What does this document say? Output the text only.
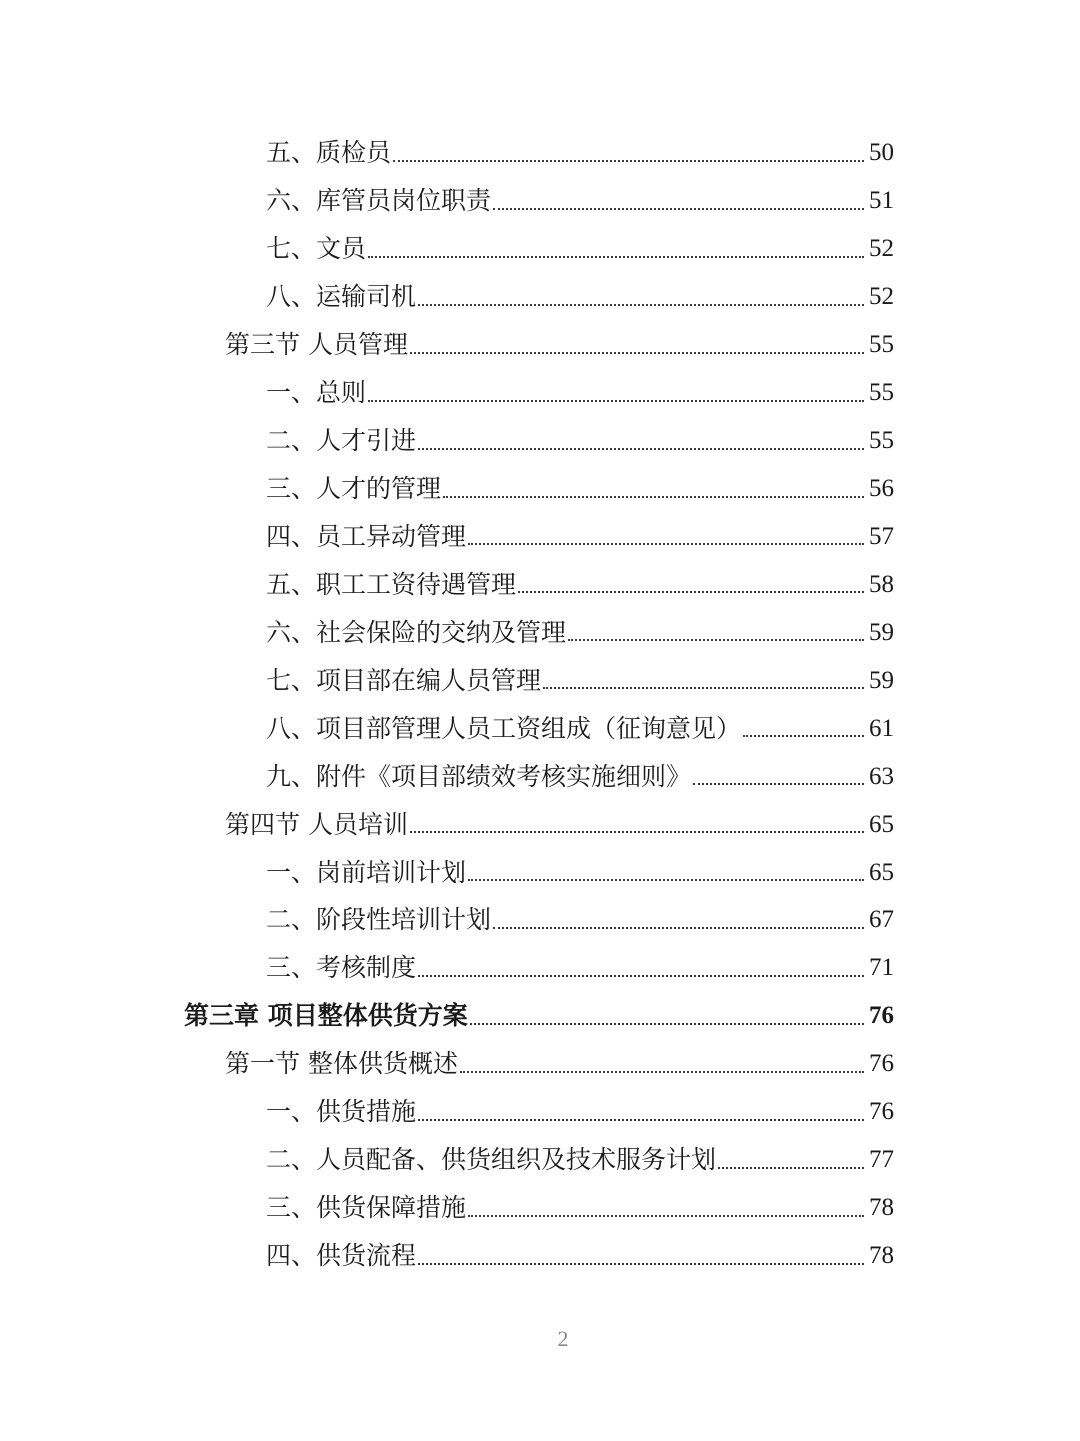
五、质检员	50
六、库管员岗位职责	51
七、文员	52
八、运输司机	52
第三节 人员管理	55
一、总则	55
二、人才引进	55
三、人才的管理	56
四、员工异动管理	57
五、职工工资待遇管理	58
六、社会保险的交纳及管理	59
七、项目部在编人员管理	59
八、项目部管理人员工资组成（征询意见）	61
九、附件《项目部绩效考核实施细则》	63
第四节 人员培训	65
一、岗前培训计划	65
二、阶段性培训计划	67
三、考核制度	71
第三章 项目整体供货方案	76
第一节 整体供货概述	76
一、供货措施	76
二、人员配备、供货组织及技术服务计划	77
三、供货保障措施	78
四、供货流程	78
2
